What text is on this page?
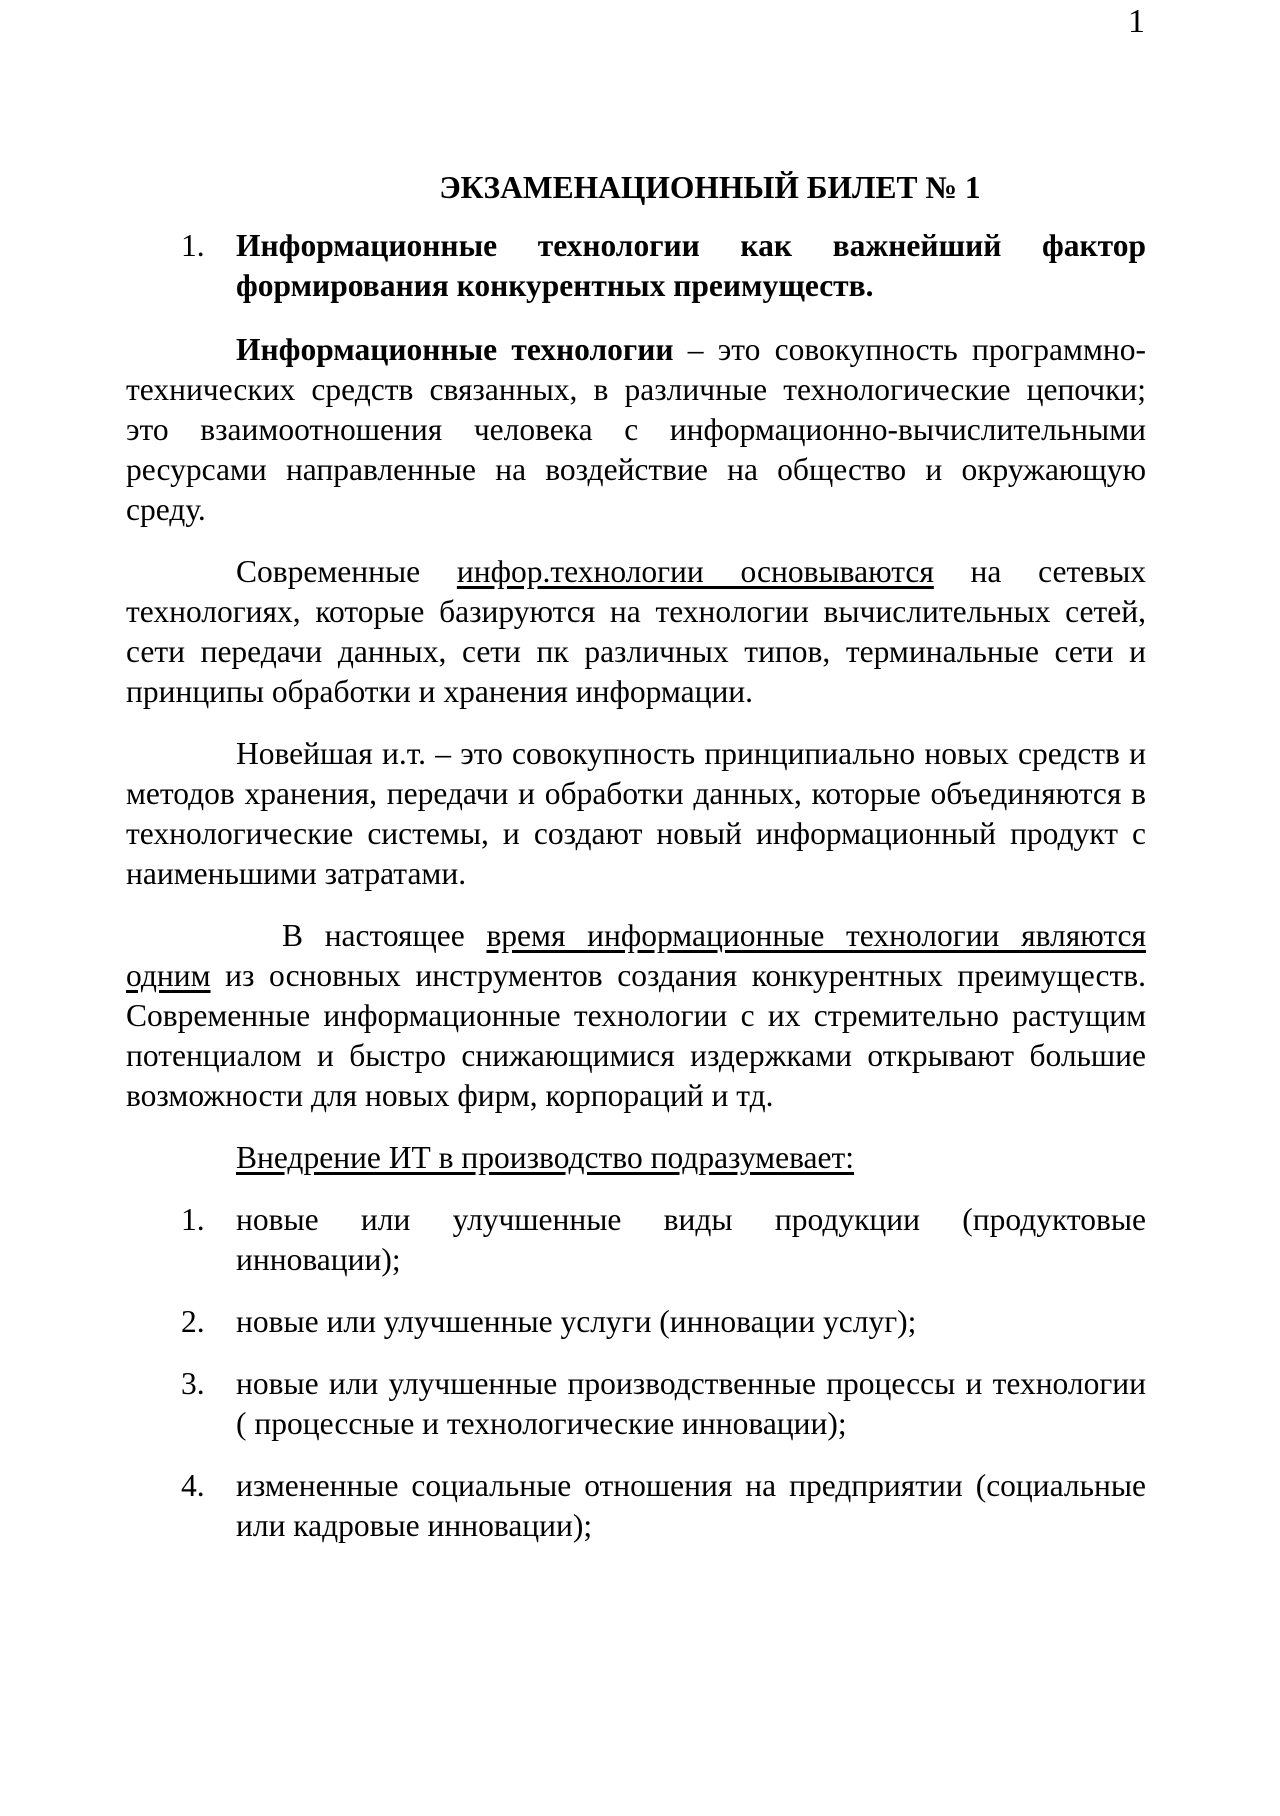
1
ЭКЗАМЕНАЦИОННЫЙ БИЛЕТ № 1
1. Информационные технологии как важнейший фактор формирования конкурентных преимуществ.

Информационные технологии – это совокупность программно-технических средств связанных, в различные технологические цепочки; это взаимоотношения человека с информационно-вычислительными ресурсами направленные на воздействие на общество и окружающую среду.

Современные инфор.технологии основываются на сетевых технологиях, которые базируются на технологии вычислительных сетей, сети передачи данных, сети пк различных типов, терминальные сети и принципы обработки и хранения информации.

Новейшая и.т. – это совокупность принципиально новых средств и методов хранения, передачи и обработки данных, которые объединяются в технологические системы, и создают новый информационный продукт с наименьшими затратами.

В настоящее время информационные технологии являются одним из основных инструментов создания конкурентных преимуществ. Современные информационные технологии с их стремительно растущим потенциалом и быстро снижающимися издержками открывают большие возможности для новых фирм, корпораций и тд.

Внедрение ИТ в производство подразумевает:
1. новые или улучшенные виды продукции (продуктовые инновации);
2. новые или улучшенные услуги (инновации услуг);
3. новые или улучшенные производственные процессы и технологии ( процессные и технологические инновации);
4. измененные социальные отношения на предприятии (социальные или кадровые инновации);
